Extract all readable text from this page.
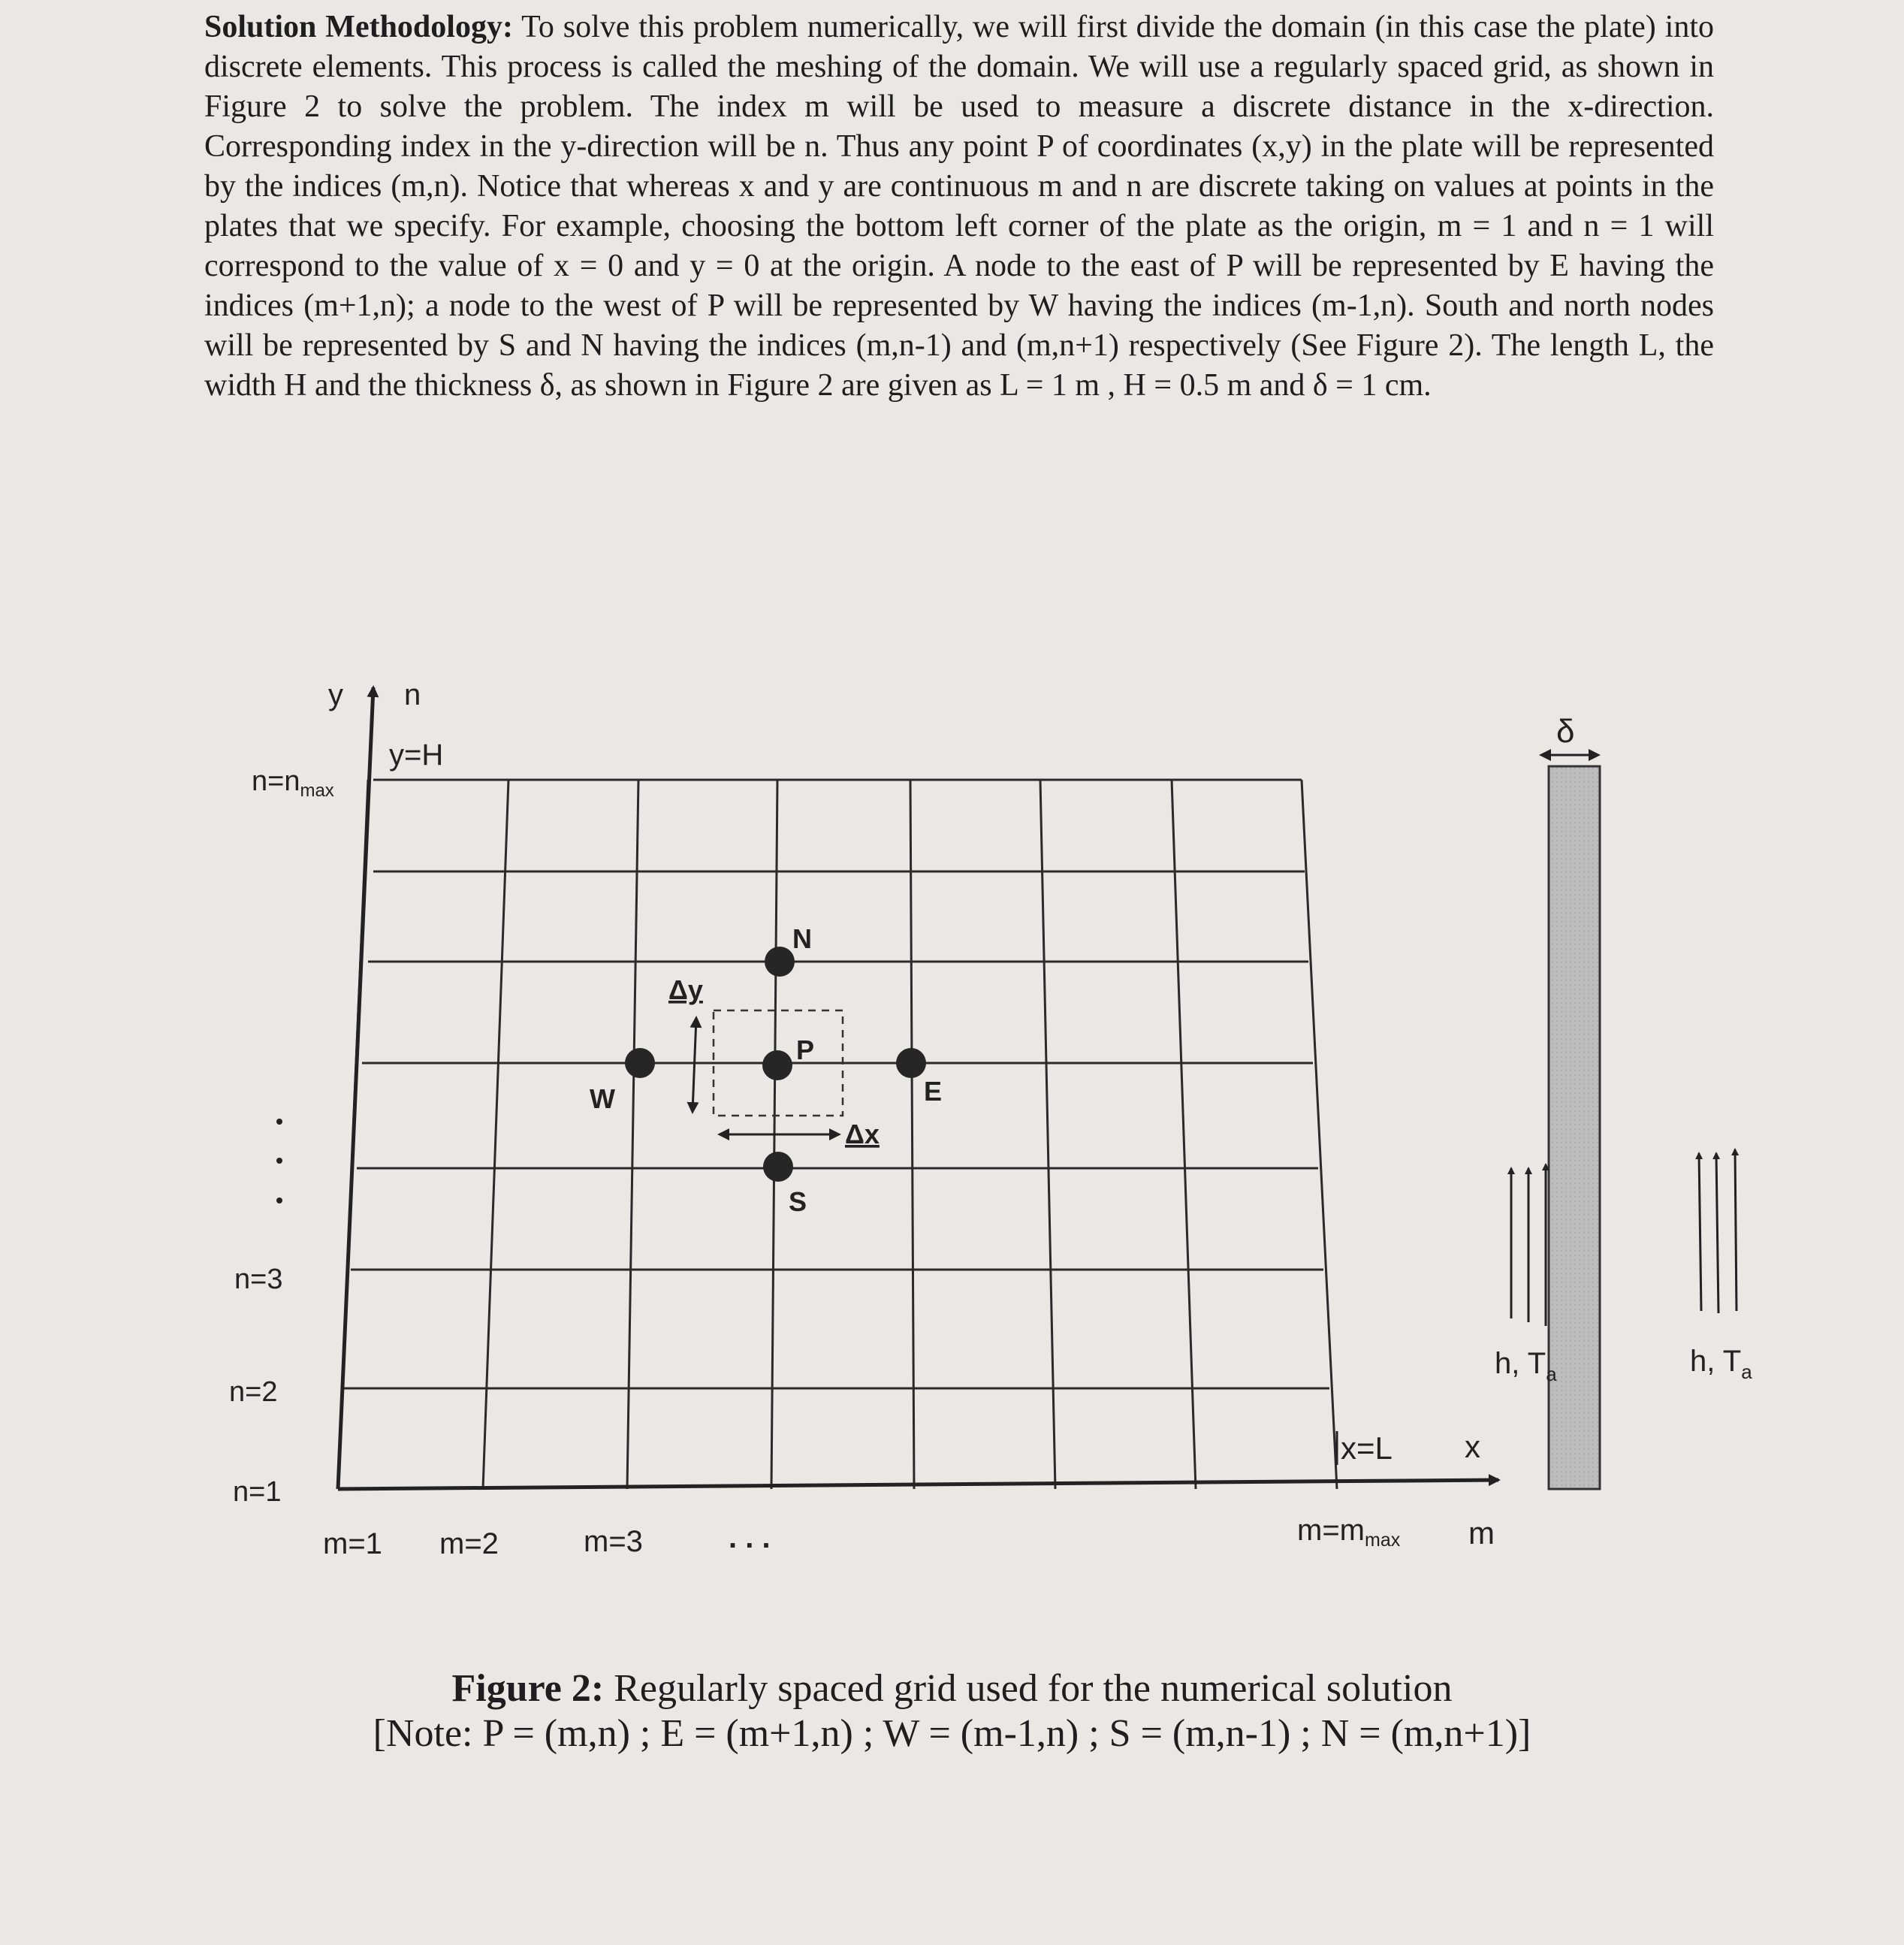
Solution Methodology: To solve this problem numerically, we will first divide the domain (in this case the plate) into discrete elements. This process is called the meshing of the domain. We will use a regularly spaced grid, as shown in Figure 2 to solve the problem. The index m will be used to measure a discrete distance in the x-direction. Corresponding index in the y-direction will be n. Thus any point P of coordinates (x,y) in the plate will be represented by the indices (m,n). Notice that whereas x and y are continuous m and n are discrete taking on values at points in the plates that we specify. For example, choosing the bottom left corner of the plate as the origin, m = 1 and n = 1 will correspond to the value of x = 0 and y = 0 at the origin. A node to the east of P will be represented by E having the indices (m+1,n); a node to the west of P will be represented by W having the indices (m-1,n). South and north nodes will be represented by S and N having the indices (m,n-1) and (m,n+1) respectively (See Figure 2). The length L, the width H and the thickness δ, as shown in Figure 2 are given as L = 1 m , H = 0.5 m and δ = 1 cm.
N
P
W	E
S
Δy
Δx
y n
y=H
$n=n_{max}$
n=3
n=2
n=1
m=1 m=2	m=3	. . .	$m=m_{max}$ m
x
x=L
δ
h, $T_a$	h, $T_a$
Figure 2: Regularly spaced grid used for the numerical solution
[Note: P = (m,n) ; E = (m+1,n) ; W = (m-1,n) ; S = (m,n-1) ; N = (m,n+1)]
